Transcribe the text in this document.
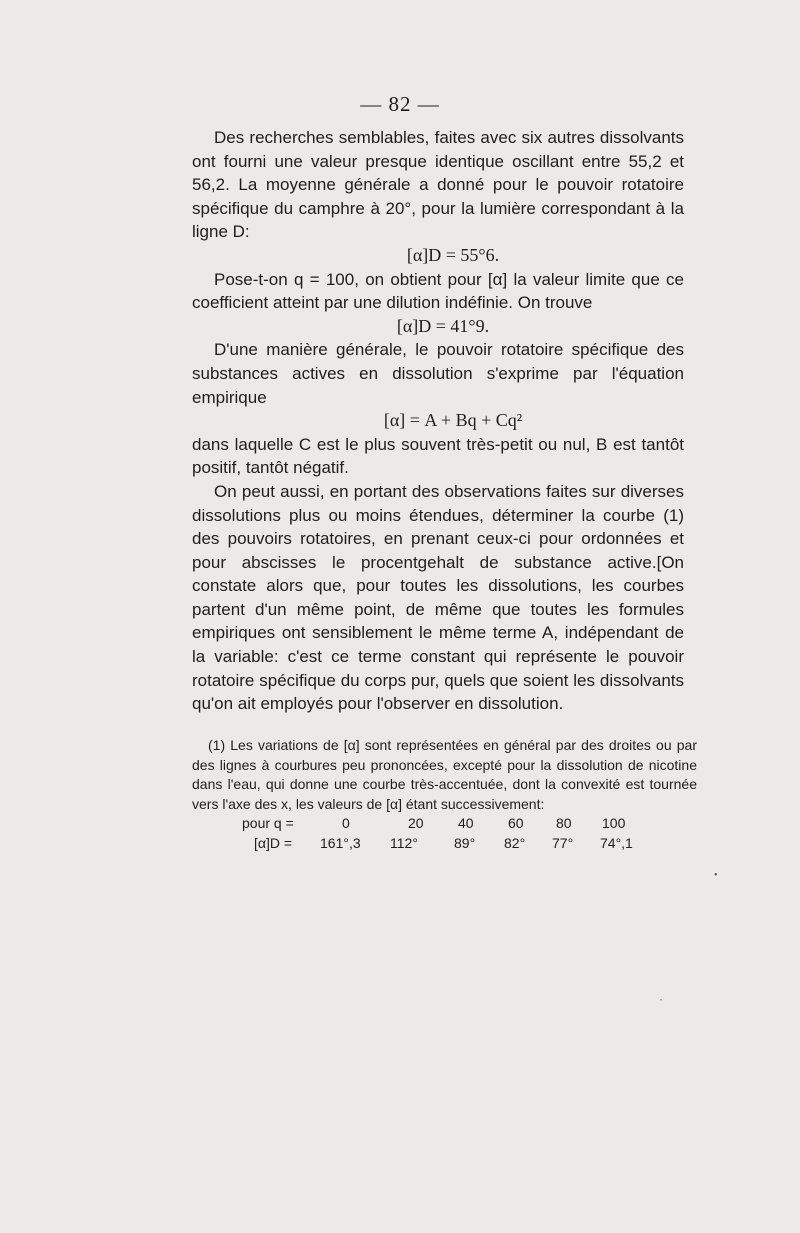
— 82 —

Des recherches semblables, faites avec six autres dissolvants ont fourni une valeur presque identique oscillant entre 55,2 et 56,2. La moyenne générale a donné pour le pouvoir rotatoire spécifique du camphre à 20°, pour la lumière correspondant à la ligne D:

[α]D = 55°6.

Pose-t-on q = 100, on obtient pour [α] la valeur limite que ce coefficient atteint par une dilution indéfinie. On trouve

[α]D = 41°9.

D'une manière générale, le pouvoir rotatoire spécifique des substances actives en dissolution s'exprime par l'équation empirique

[α] = A + Bq + Cq²

dans laquelle C est le plus souvent très-petit ou nul, B est tantôt positif, tantôt négatif.

On peut aussi, en portant des observations faites sur diverses dissolutions plus ou moins étendues, déterminer la courbe (1) des pouvoirs rotatoires, en prenant ceux-ci pour ordonnées et pour abscisses le procentgehalt de substance active.[On constate alors que, pour toutes les dissolutions, les courbes partent d'un même point, de même que toutes les formules empiriques ont sensiblement le même terme A, indépendant de la variable: c'est ce terme constant qui représente le pouvoir rotatoire spécifique du corps pur, quels que soient les dissolvants qu'on ait employés pour l'observer en dissolution.

(1) Les variations de [α] sont représentées en général par des droites ou par des lignes à courbures peu prononcées, excepté pour la dissolution de nicotine dans l'eau, qui donne une courbe très-accentuée, dont la convexité est tournée vers l'axe des x, les valeurs de [α] étant successivement:

pour q =	0	20 40 60 80 100
[α]D = 161°,3 112°	89° 82° 77° 74°,1
•
•
